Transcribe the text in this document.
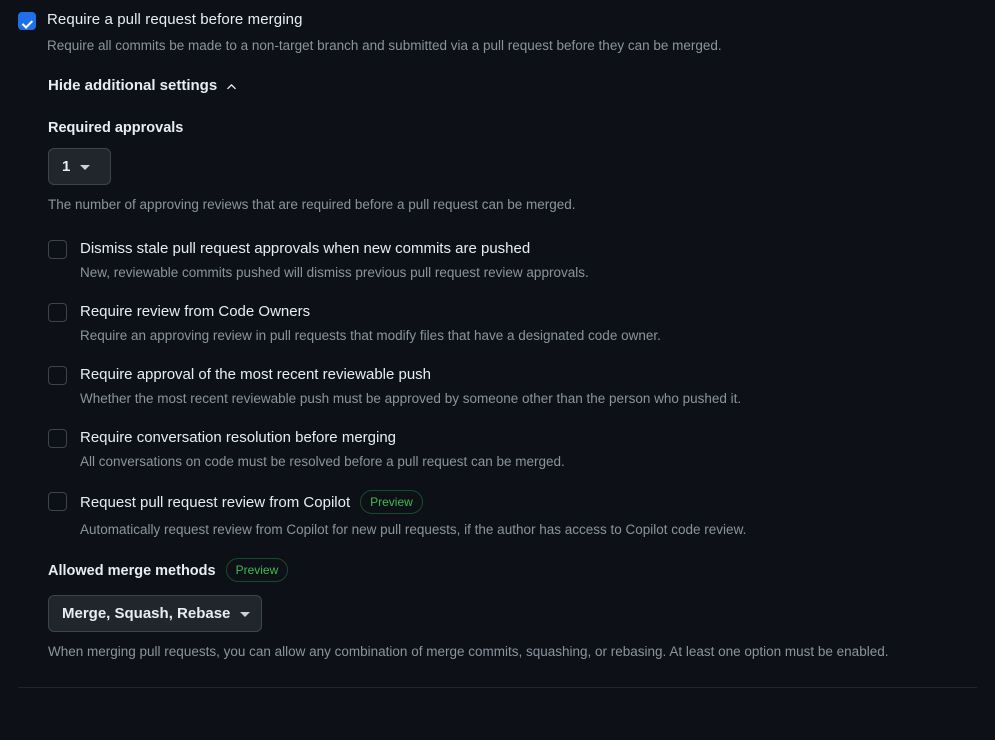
Require a pull request before merging
Require all commits be made to a non-target branch and submitted via a pull request before they can be merged.
Hide additional settings
Required approvals
1
The number of approving reviews that are required before a pull request can be merged.
Dismiss stale pull request approvals when new commits are pushed
New, reviewable commits pushed will dismiss previous pull request review approvals.
Require review from Code Owners
Require an approving review in pull requests that modify files that have a designated code owner.
Require approval of the most recent reviewable push
Whether the most recent reviewable push must be approved by someone other than the person who pushed it.
Require conversation resolution before merging
All conversations on code must be resolved before a pull request can be merged.
Request pull request review from Copilot	Preview
Automatically request review from Copilot for new pull requests, if the author has access to Copilot code review.
Allowed merge methods	Preview
Merge, Squash, Rebase
When merging pull requests, you can allow any combination of merge commits, squashing, or rebasing. At least one option must be enabled.
